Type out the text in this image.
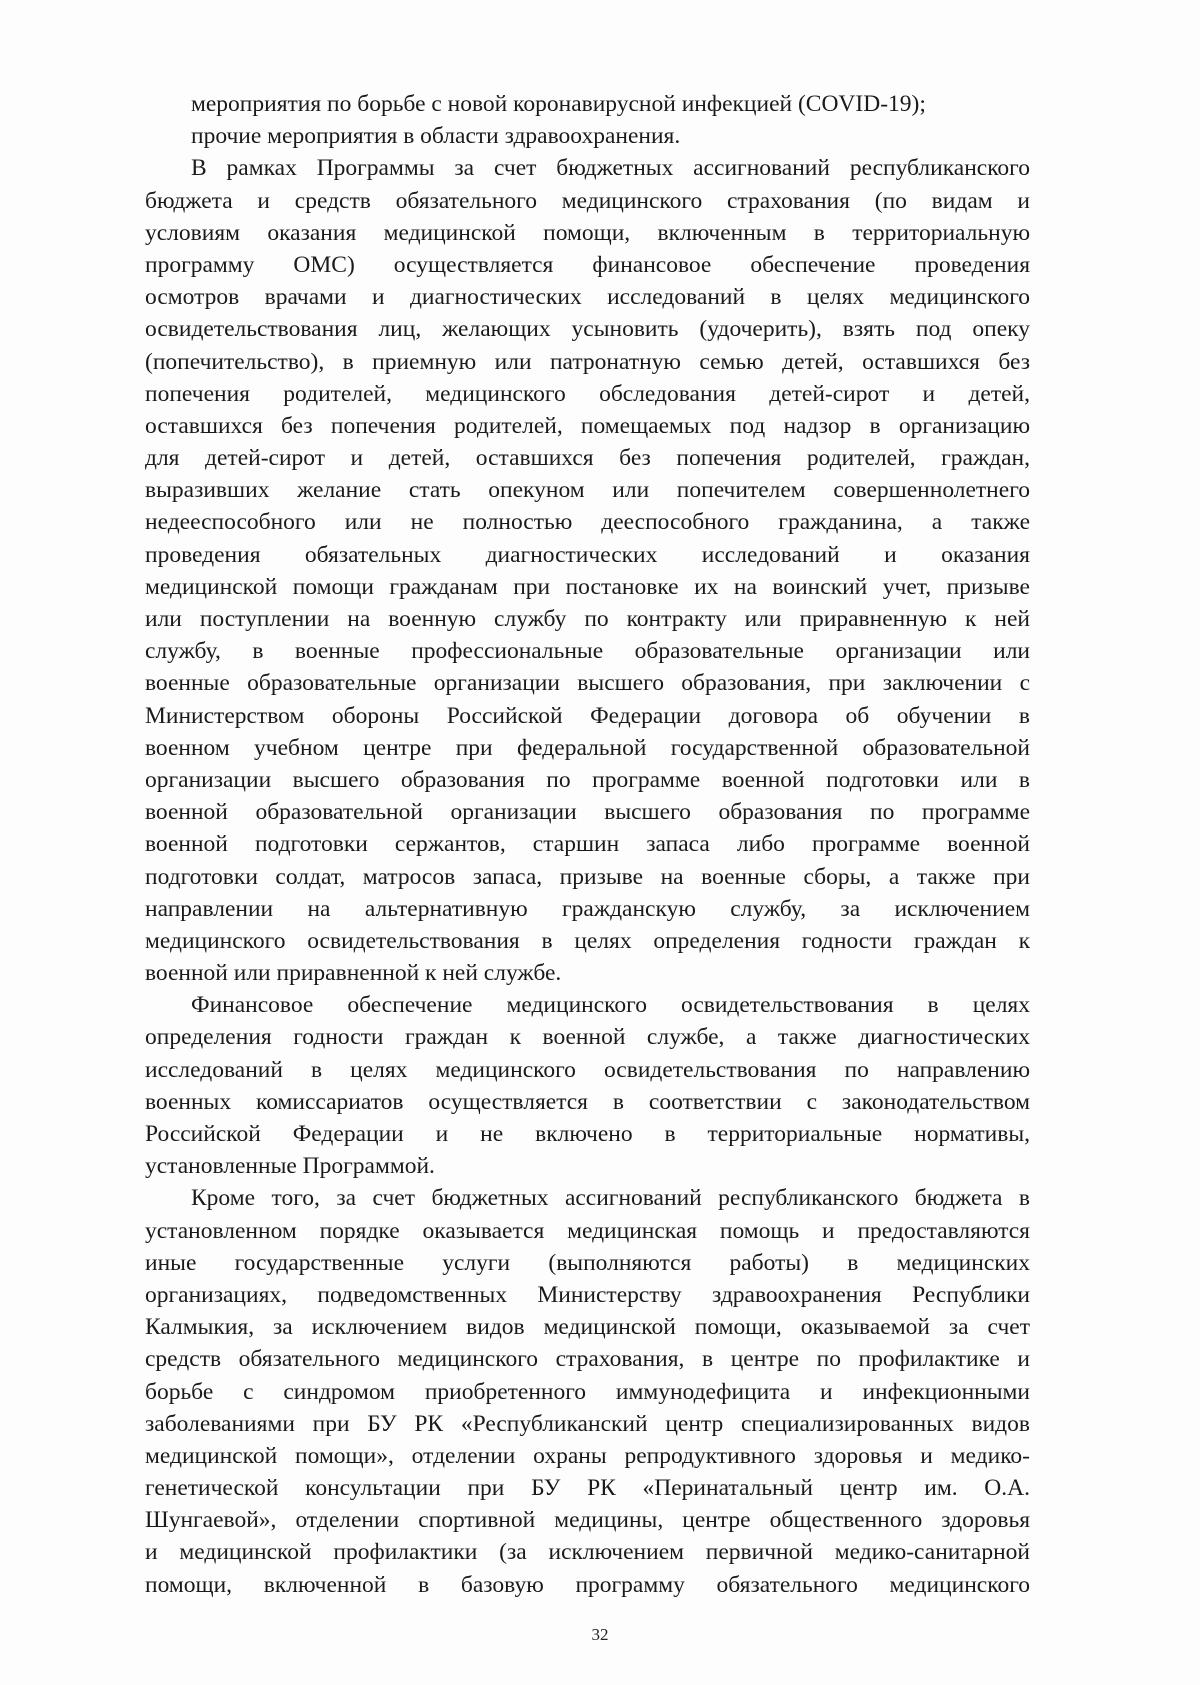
мероприятия по борьбе с новой коронавирусной инфекцией (COVID-19);
прочие мероприятия в области здравоохранения.
В рамках Программы за счет бюджетных ассигнований республиканского
бюджета и средств обязательного медицинского страхования (по видам и
условиям оказания медицинской помощи, включенным в территориальную
программу ОМС) осуществляется финансовое обеспечение проведения
осмотров врачами и диагностических исследований в целях медицинского
освидетельствования лиц, желающих усыновить (удочерить), взять под опеку
(попечительство), в приемную или патронатную семью детей, оставшихся без
попечения родителей, медицинского обследования детей-сирот и детей,
оставшихся без попечения родителей, помещаемых под надзор в организацию
для детей-сирот и детей, оставшихся без попечения родителей, граждан,
выразивших желание стать опекуном или попечителем совершеннолетнего
недееспособного или не полностью дееспособного гражданина, а также
проведения обязательных диагностических исследований и оказания
медицинской помощи гражданам при постановке их на воинский учет, призыве
или поступлении на военную службу по контракту или приравненную к ней
службу, в военные профессиональные образовательные организации или
военные образовательные организации высшего образования, при заключении с
Министерством обороны Российской Федерации договора об обучении в
военном учебном центре при федеральной государственной образовательной
организации высшего образования по программе военной подготовки или в
военной образовательной организации высшего образования по программе
военной подготовки сержантов, старшин запаса либо программе военной
подготовки солдат, матросов запаса, призыве на военные сборы, а также при
направлении на альтернативную гражданскую службу, за исключением
медицинского освидетельствования в целях определения годности граждан к
военной или приравненной к ней службе.
Финансовое обеспечение медицинского освидетельствования в целях
определения годности граждан к военной службе, а также диагностических
исследований в целях медицинского освидетельствования по направлению
военных комиссариатов осуществляется в соответствии с законодательством
Российской Федерации и не включено в территориальные нормативы,
установленные Программой.
Кроме того, за счет бюджетных ассигнований республиканского бюджета в
установленном порядке оказывается медицинская помощь и предоставляются
иные государственные услуги (выполняются работы) в медицинских
организациях, подведомственных Министерству здравоохранения Республики
Калмыкия, за исключением видов медицинской помощи, оказываемой за счет
средств обязательного медицинского страхования, в центре по профилактике и
борьбе с синдромом приобретенного иммунодефицита и инфекционными
заболеваниями при БУ РК «Республиканский центр специализированных видов
медицинской помощи», отделении охраны репродуктивного здоровья и медико-
генетической консультации при БУ РК «Перинатальный центр им. О.А.
Шунгаевой», отделении спортивной медицины, центре общественного здоровья
и медицинской профилактики (за исключением первичной медико-санитарной
помощи, включенной в базовую программу обязательного медицинского
32
